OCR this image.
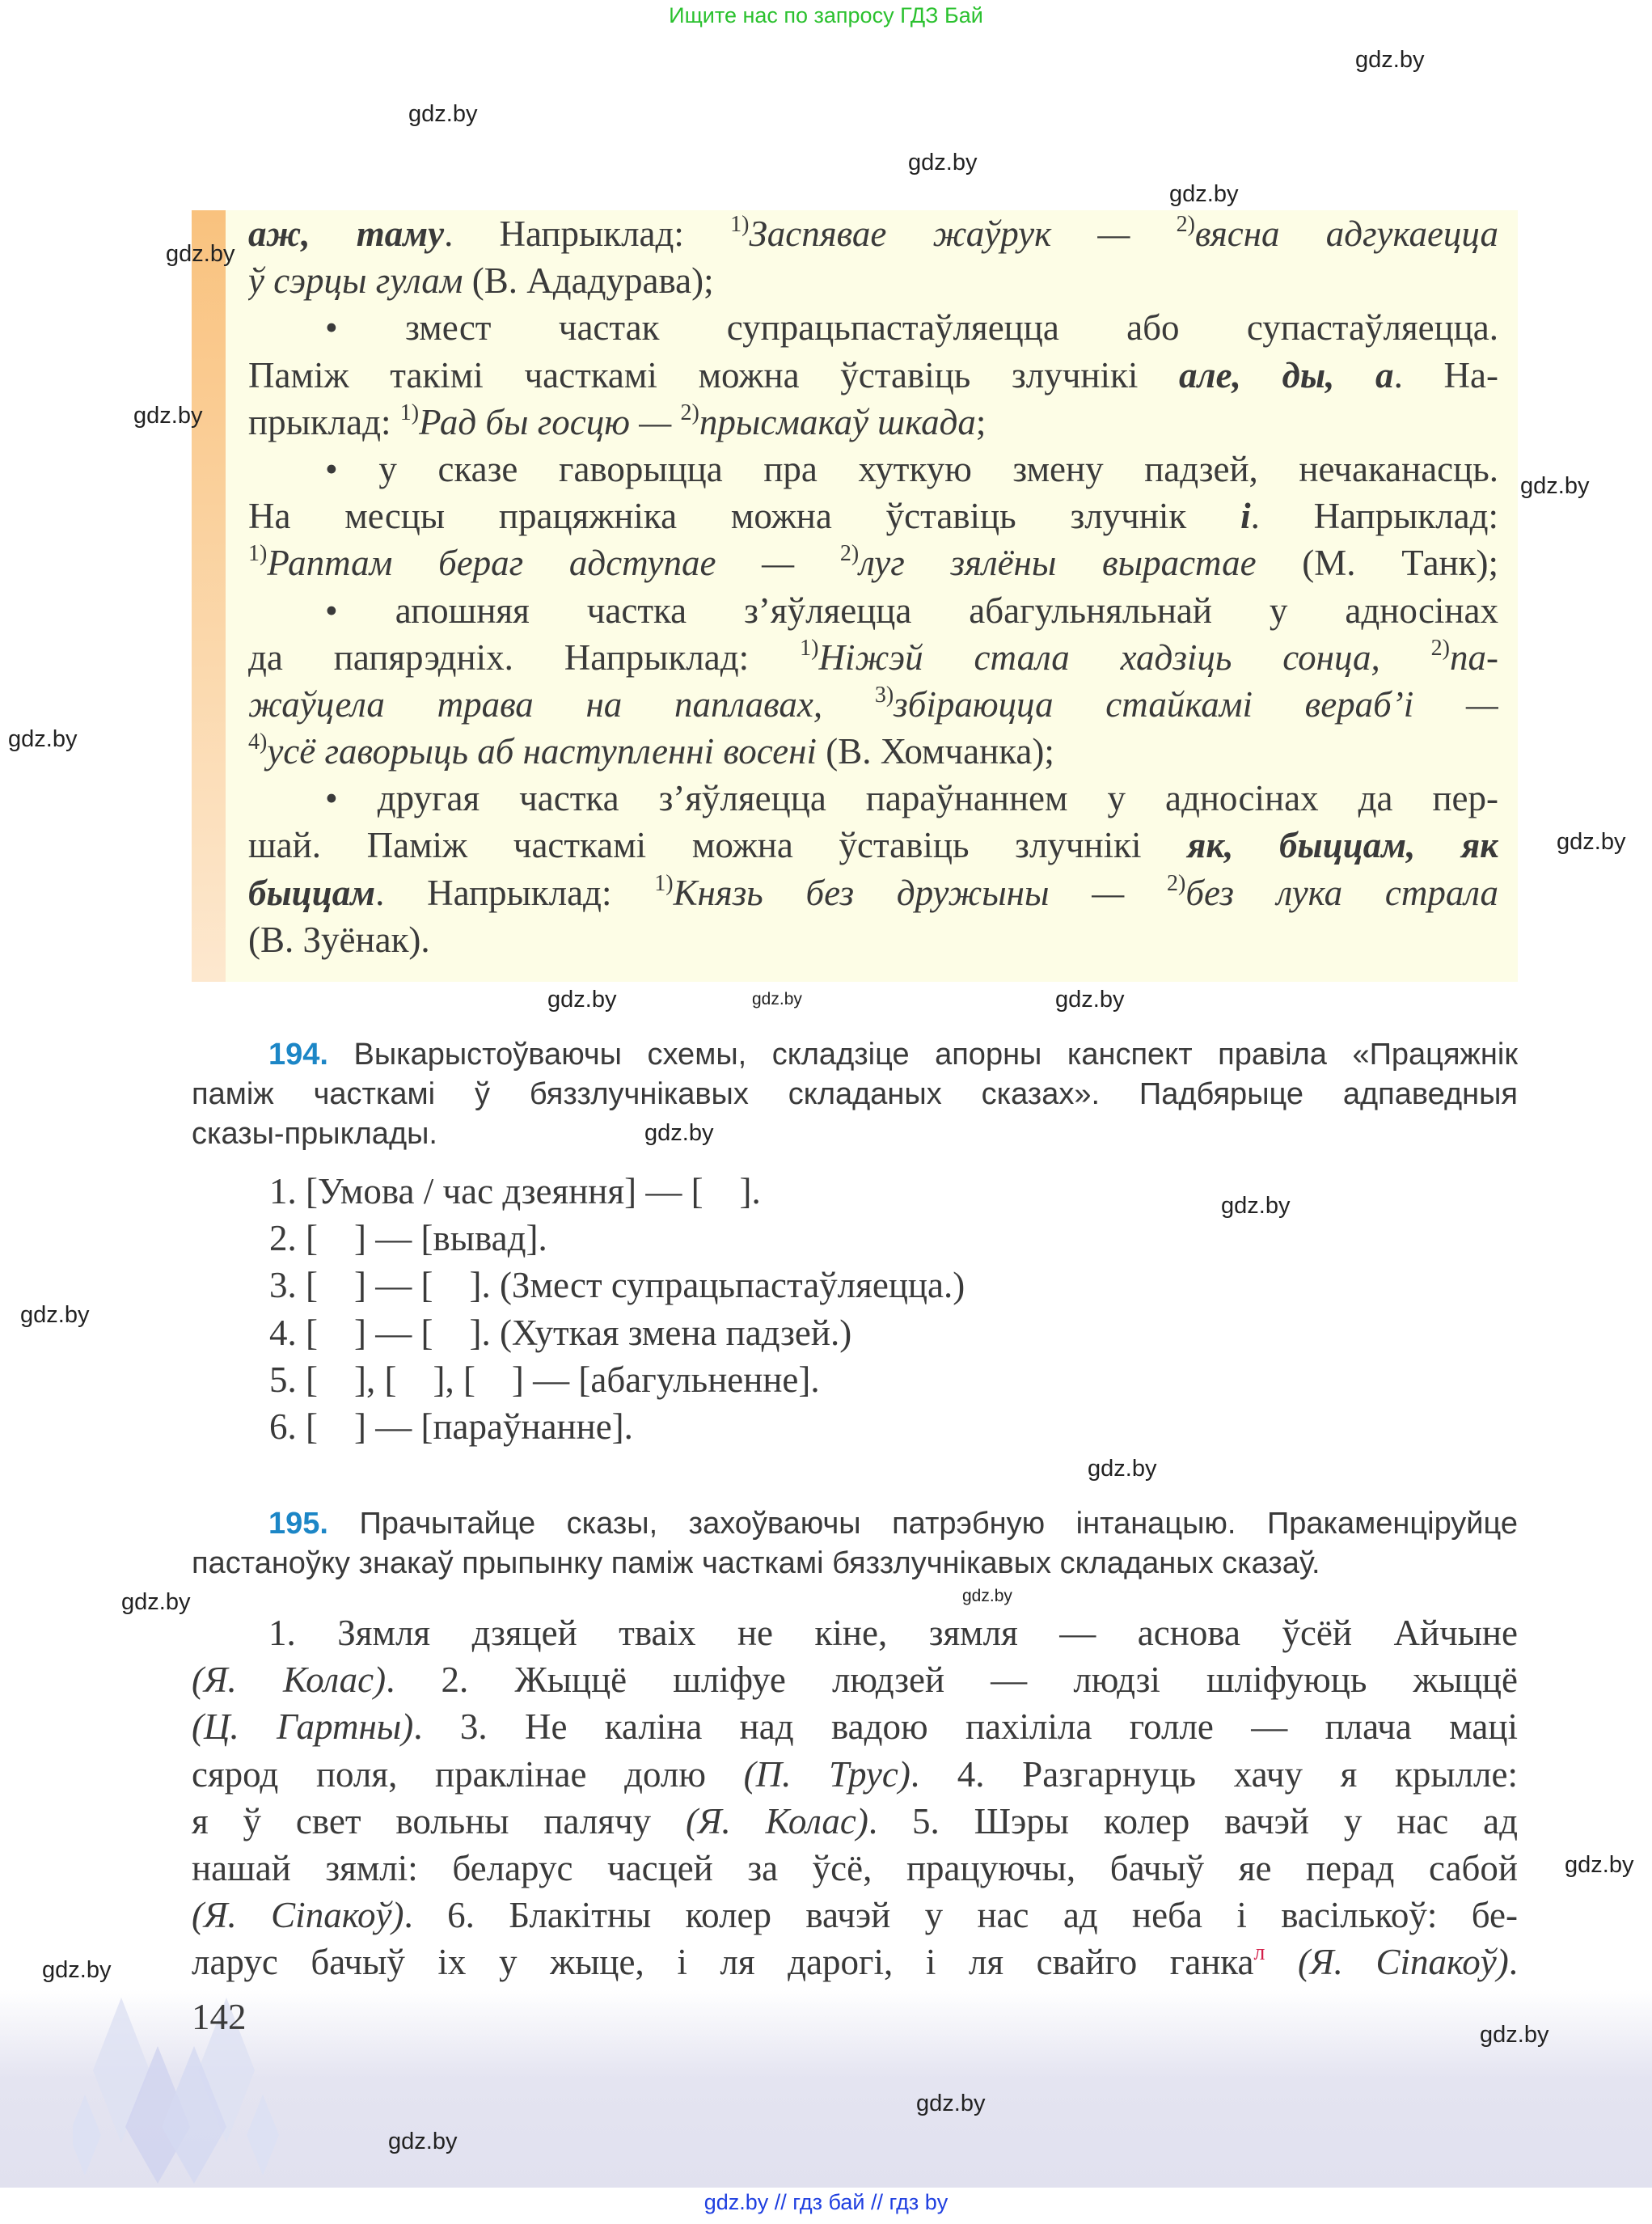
Ищите нас по запросу ГДЗ Бай
аж, таму. Напрыклад: $^{1)}$Заспявае жаўрук — $^{2)}$вясна адгукаецца
ў сэрцы гулам (В. Ададурава);
• змест частак супрацьпастаўляецца або супастаўляецца.
Паміж такімі часткамі можна ўставіць злучнікі але, ды, а. На-
прыклад: $^{1)}$Рад бы госцю — $^{2)}$прысмакаў шкада;
• у сказе гаворыцца пра хуткую змену падзей, нечаканасць.
На месцы працяжніка можна ўставіць злучнік і. Напрыклад:
$^{1)}$Раптам бераг адступае — $^{2)}$луг зялёны вырастае (М. Танк);
• апошняя частка з’яўляецца абагульняльнай у адносінах
да папярэдніх. Напрыклад: $^{1)}$Ніжэй стала хадзіць сонца, $^{2)}$па-
жаўцела трава на паплавах, $^{3)}$збіраюцца стайкамі вераб’і —
$^{4)}$усё гаворыць аб наступленні восені (В. Хомчанка);
• другая частка з’яўляецца параўнаннем у адносінах да пер-
шай. Паміж часткамі можна ўставіць злучнікі як, быццам, як
быццам. Напрыклад: $^{1)}$Князь без дружыны — $^{2)}$без лука страла
(В. Зуёнак).
194. Выкарыстоўваючы схемы, складзіце апорны канспект правіла «Працяжнік
паміж часткамі ў бяззлучнікавых складаных сказах». Падбярыце адпаведныя
сказы-прыклады.
1. [Умова / час дзеяння] — [    ].
2. [    ] — [вывад].
3. [    ] — [    ]. (Змест супрацьпастаўляецца.)
4. [    ] — [    ]. (Хуткая змена падзей.)
5. [    ], [    ], [    ] — [абагульненне].
6. [    ] — [параўнанне].
195. Прачытайце сказы, захоўваючы патрэбную інтанацыю. Пракаменціруйце
пастаноўку знакаў прыпынку паміж часткамі бяззлучнікавых складаных сказаў.
1. Зямля дзяцей тваіх не кіне, зямля — аснова ўсёй Айчыне
(Я. Колас). 2. Жыццё шліфуе людзей — людзі шліфуюць жыццё
(Ц. Гартны). 3. Не каліна над вадою пахіліла голле — плача маці
сярод поля, праклінае долю (П. Трус). 4. Разгарнуць хачу я крылле:
я ў свет вольны палячу (Я. Колас). 5. Шэры колер вачэй у нас ад
нашай зямлі: беларус часцей за ўсё, працуючы, бачыў яе перад сабой
(Я. Сіпакоў). 6. Блакітны колер вачэй у нас ад неба і васількоў: бе-
ларус бачыў іх у жыце, і ля дарогі, і ля свайго ганка$^л$ (Я. Сіпакоў).
142
gdz.by // гдз бай // гдз by
gdz.by
gdz.by
gdz.by
gdz.by
gdz.by
gdz.by
gdz.by
gdz.by
gdz.by
gdz.by
gdz.by	gdz.by
gdz.by
gdz.by
gdz.by
gdz.by
gdz.by	gdz.by
gdz.by
gdz.by
gdz.by
gdz.by
gdz.by
